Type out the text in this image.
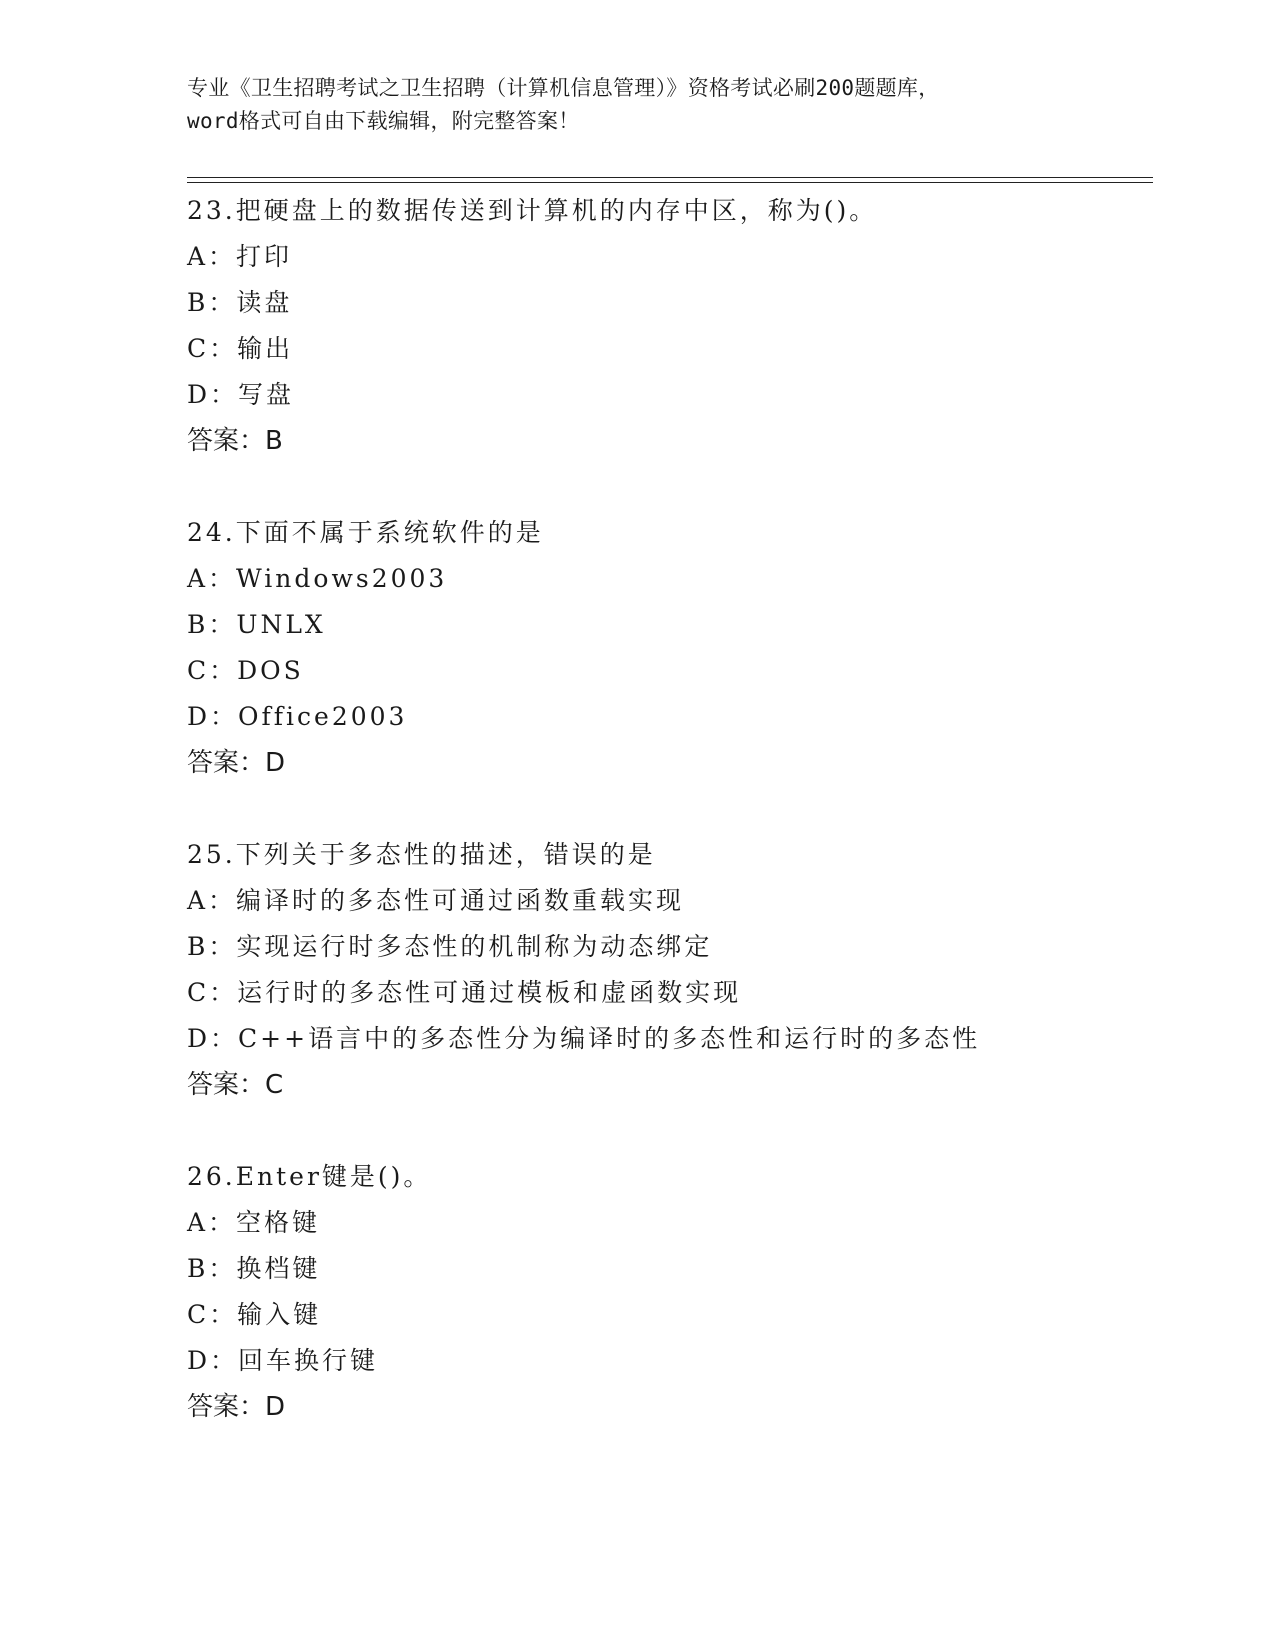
专业《卫生招聘考试之卫生招聘（计算机信息管理）》资格考试必刷200题题库，
word格式可自由下载编辑，附完整答案！
23.把硬盘上的数据传送到计算机的内存中区，称为()。
A：打印
B：读盘
C：输出
D：写盘
答案：B
24.下面不属于系统软件的是
A：Windows2003
B：UNLX
C：DOS
D：Office2003
答案：D
25.下列关于多态性的描述，错误的是
A：编译时的多态性可通过函数重载实现
B：实现运行时多态性的机制称为动态绑定
C：运行时的多态性可通过模板和虚函数实现
D：C++语言中的多态性分为编译时的多态性和运行时的多态性
答案：C
26.Enter键是()。
A：空格键
B：换档键
C：输入键
D：回车换行键
答案：D
